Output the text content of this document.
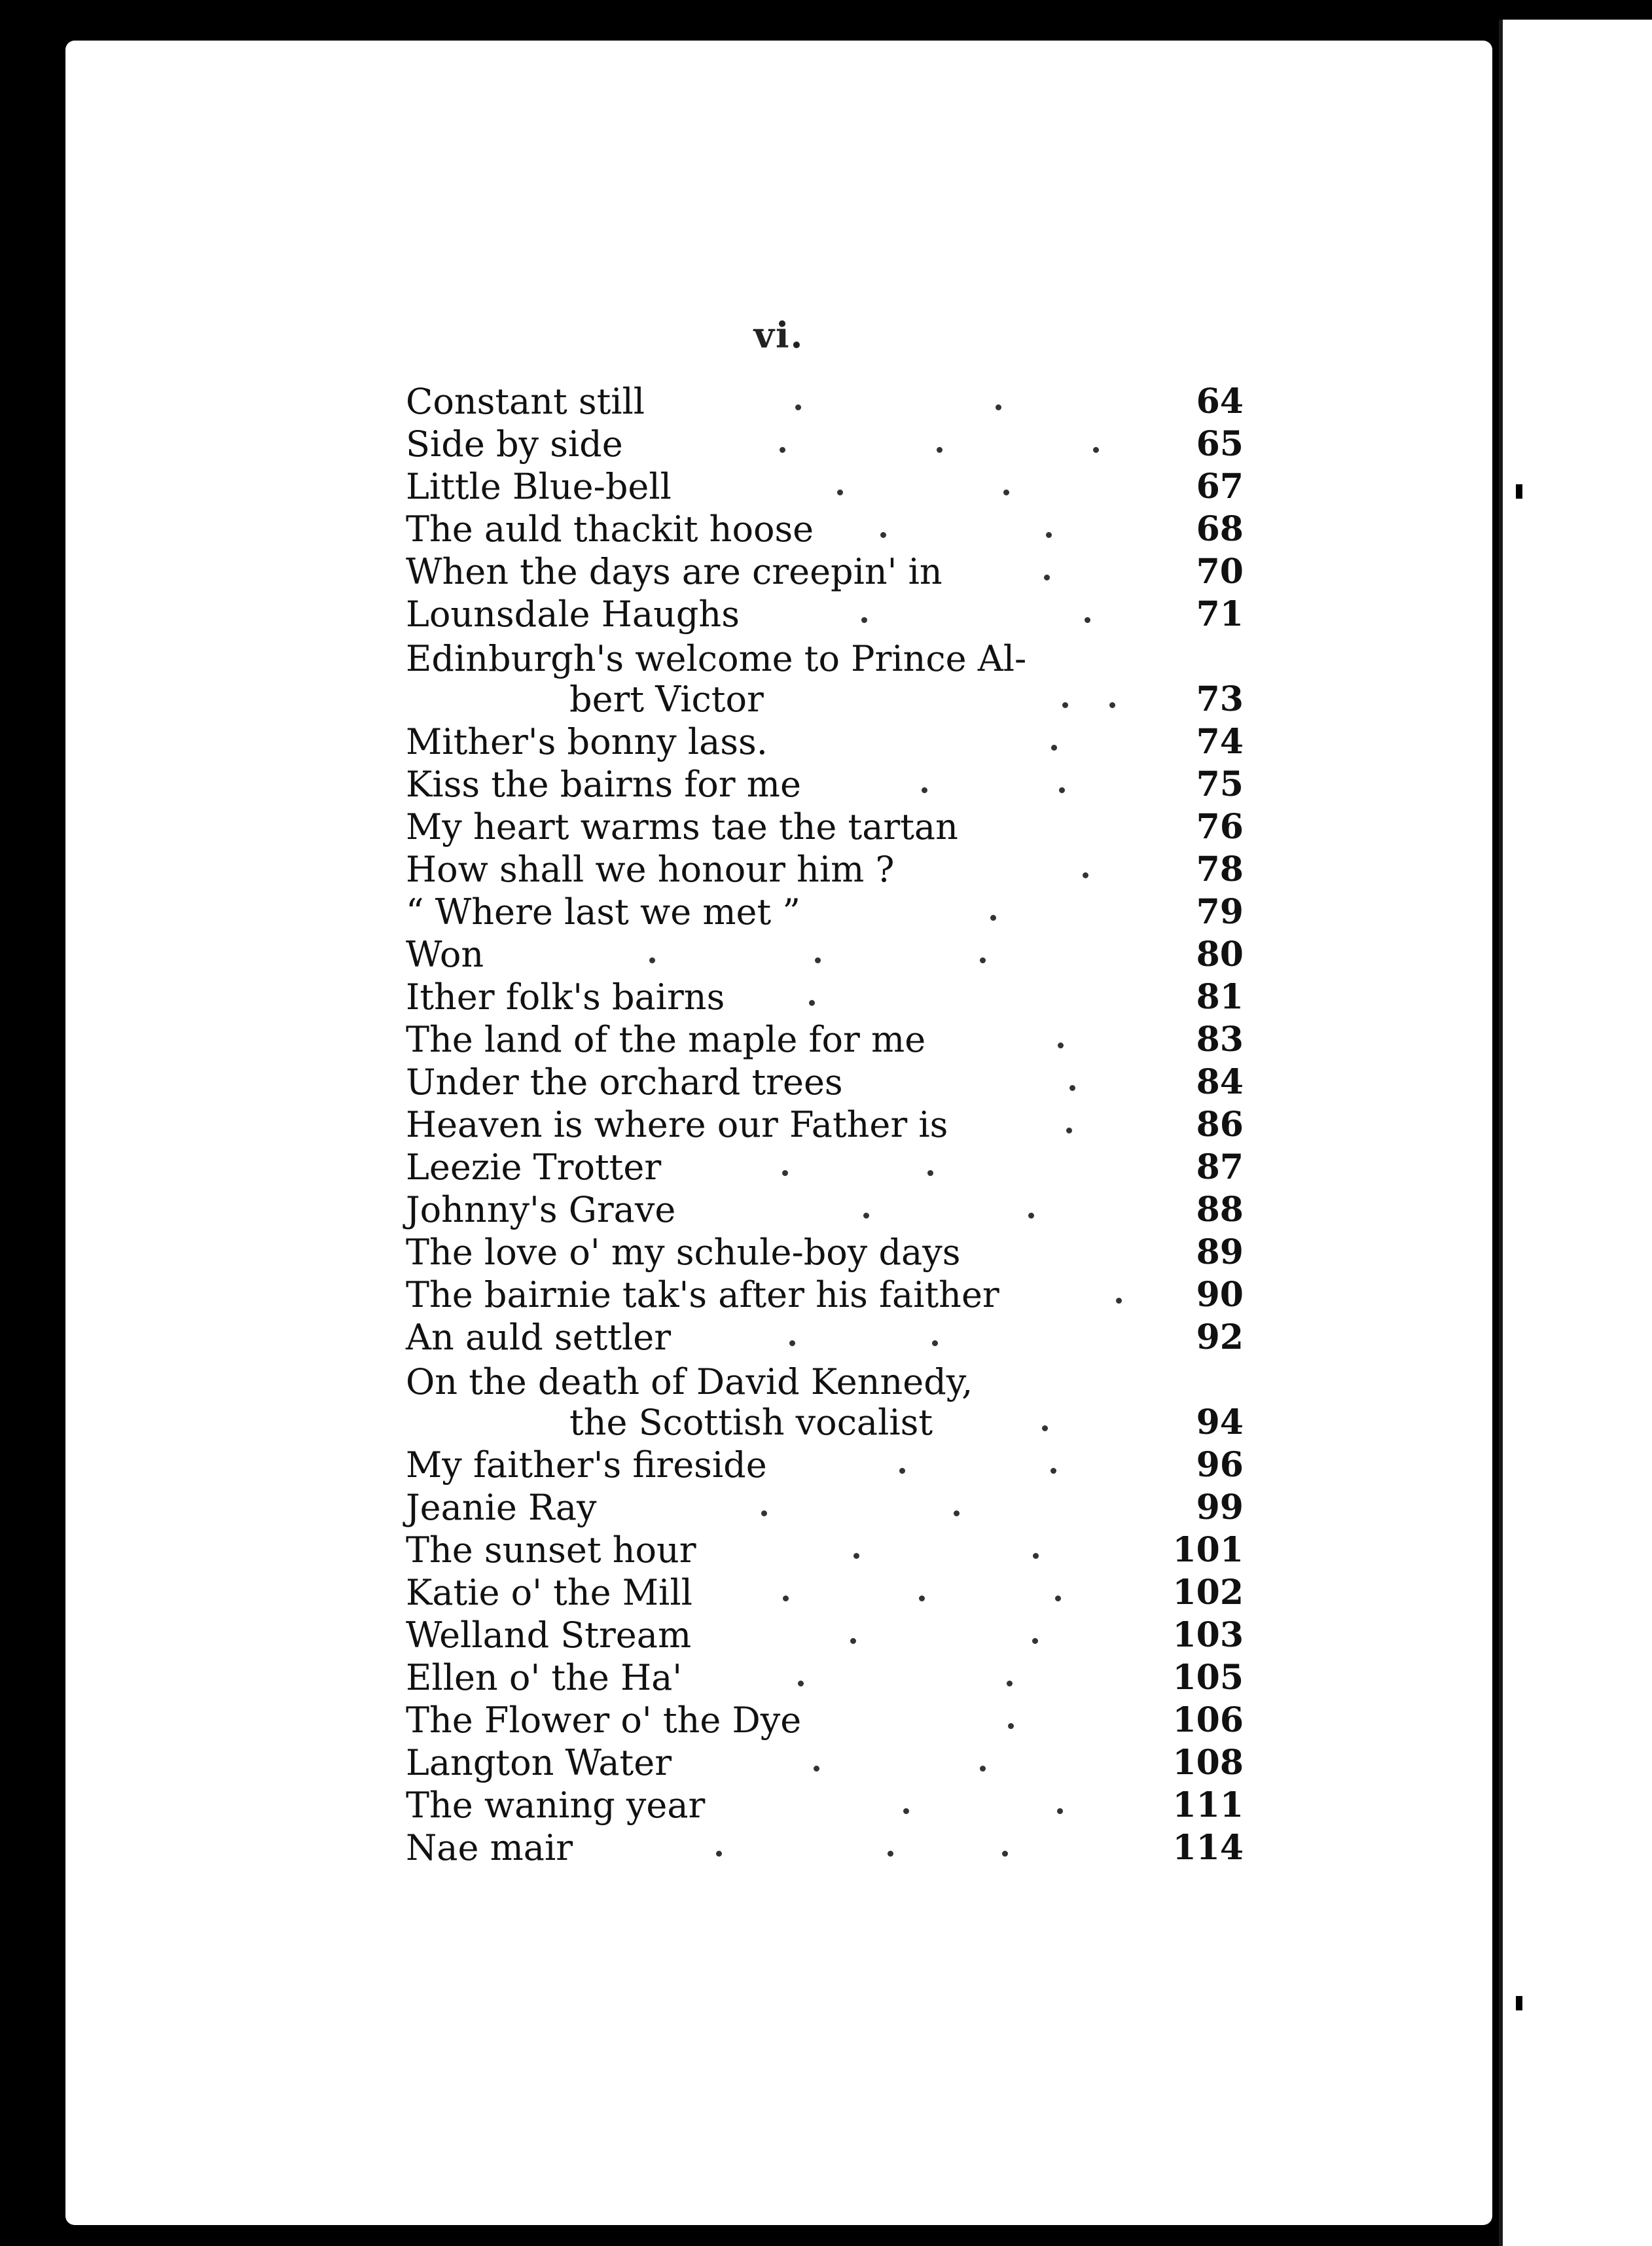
vi.
Constant still	64
Side by side	65
Little Blue-bell	67
The auld thackit hoose	68
When the days are creepin' in	70
Lounsdale Haughs	71
Edinburgh's welcome to Prince Al-
bert Victor	73
Mither's bonny lass.	74
Kiss the bairns for me	75
My heart warms tae the tartan	76
How shall we honour him ?	78
“ Where last we met ”	79
Won	80
Ither folk's bairns	81
The land of the maple for me	83
Under the orchard trees	84
Heaven is where our Father is	86
Leezie Trotter	87
Johnny's Grave	88
The love o' my schule-boy days	89
The bairnie tak's after his faither	90
An auld settler	92
On the death of David Kennedy,
the Scottish vocalist	94
My faither's fireside	96
Jeanie Ray	99
The sunset hour	101
Katie o' the Mill	102
Welland Stream	103
Ellen o' the Ha'	105
The Flower o' the Dye	106
Langton Water	108
The waning year	111
Nae mair	114
